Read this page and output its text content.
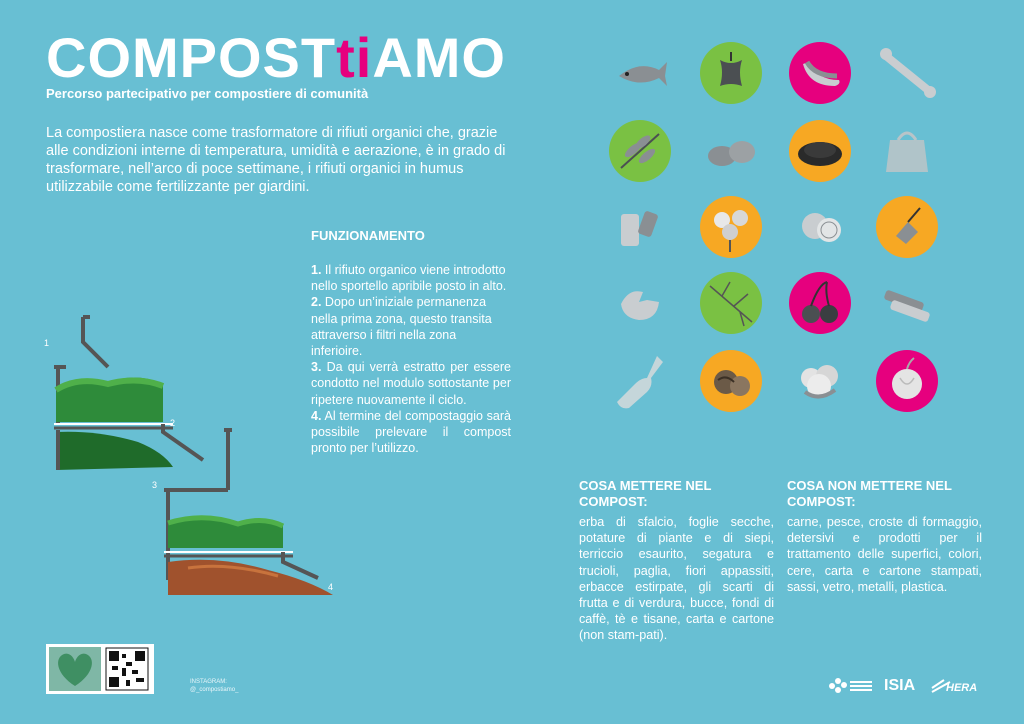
COMPOSTtiAMO
Percorso partecipativo per compostiere di comunità
La compostiera nasce come trasformatore di rifiuti organici che, grazie alle condizioni interne di temperatura, umidità e aerazione, è in grado di trasformare, nell’arco di poce settimane, i rifiuti organici in humus utilizzabile come fertilizzante per giardini.
FUNZIONAMENTO

1. Il rifiuto organico viene introdotto nello sportello apribile posto in alto.

2. Dopo un’iniziale permanenza nella prima zona, questo transita attraverso i filtri nella zona inferioire.

3. Da qui verrà estratto per essere condotto nel modulo sottostante per ripetere nuovamente il ciclo.

4. Al termine del compostaggio sarà possibile prelevare il compost pronto per l’utilizzo.

1
2
3
4
COSA METTERE NEL COMPOST:
erba di sfalcio, foglie secche, potature di piante e di siepi, terriccio esaurito, segatura e trucioli, paglia, fiori appassiti, erbacce estirpate, gli scarti di frutta e di verdura, bucce, fondi di caffè, tè e tisane, carta e cartone (non stam-pati).
COSA NON METTERE NEL COMPOST:
carne, pesce, croste di formaggio, detersivi e prodotti per il trattamento delle superfici, colori, cere, carta e cartone stampati, sassi, vetro, metalli, plastica.
INSTAGRAM:
@_compostiamo_	ISIA	HERA
